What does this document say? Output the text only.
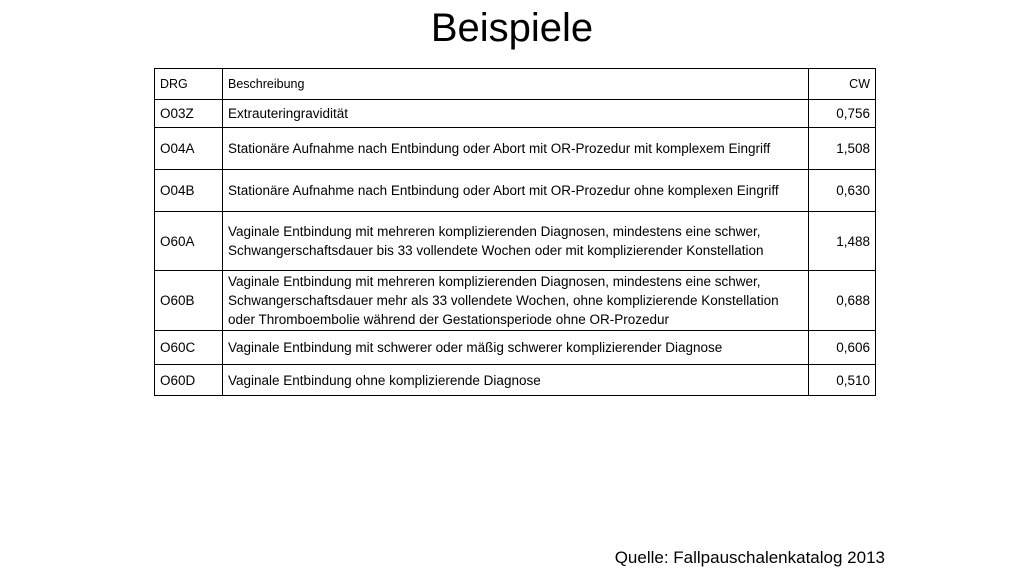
Beispiele
DRG	Beschreibung	CW
O03Z	Extrauteringravidität	0,756
O04A	Stationäre Aufnahme nach Entbindung oder Abort mit OR-Prozedur mit komplexem Eingriff	1,508
O04B	Stationäre Aufnahme nach Entbindung oder Abort mit OR-Prozedur ohne komplexen Eingriff	0,630
O60A	Vaginale Entbindung mit mehreren komplizierenden Diagnosen, mindestens eine schwer, Schwangerschaftsdauer bis 33 vollendete Wochen oder mit komplizierender Konstellation	1,488
O60B	Vaginale Entbindung mit mehreren komplizierenden Diagnosen, mindestens eine schwer, Schwangerschaftsdauer mehr als 33 vollendete Wochen, ohne komplizierende Konstellation oder Thromboembolie während der Gestationsperiode ohne OR-Prozedur	0,688
O60C	Vaginale Entbindung mit schwerer oder mäßig schwerer komplizierender Diagnose	0,606
O60D	Vaginale Entbindung ohne komplizierende Diagnose	0,510

Quelle: Fallpauschalenkatalog 2013
